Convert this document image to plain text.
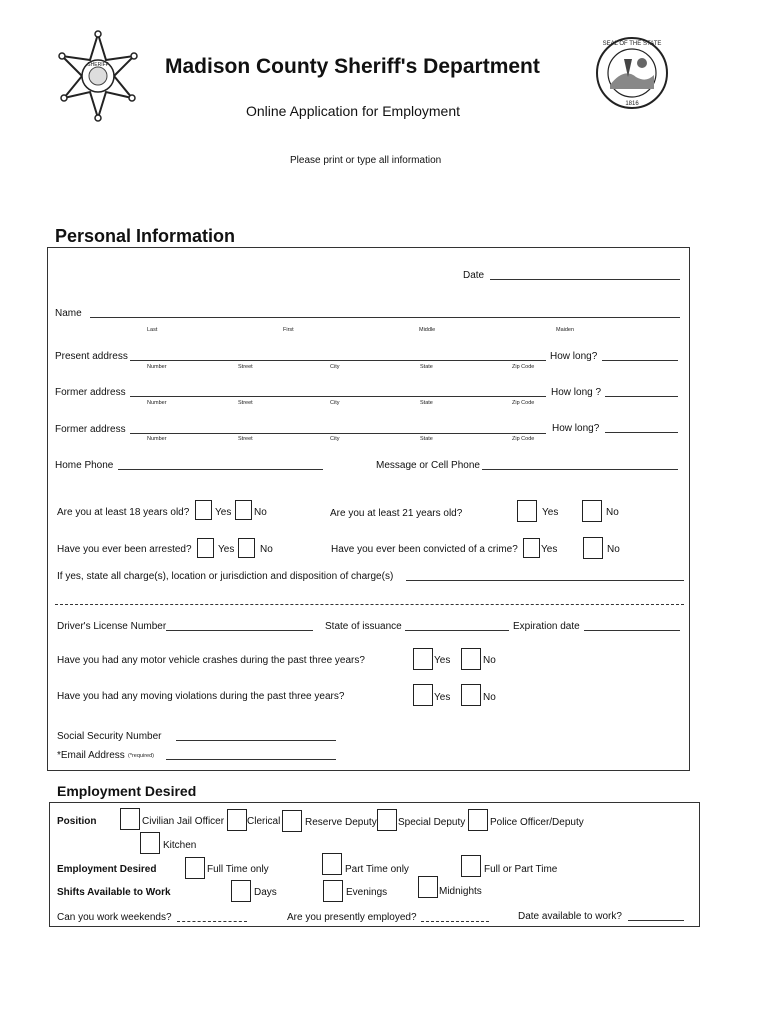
SHERIFF	Madison County Sheriff's Department
Online Application for Employment
Please print or type all information
SEAL OF THE STATE
1816
Personal Information
Date
Name
Last	First	Middle	Maiden
Present address
Number	Street	City	State	Zip Code
How long?
Former address
Number	Street	City	State	Zip Code
How long ?
Former address
Number	Street	City	State	Zip Code
How long?
Home Phone	Message or Cell Phone
Are you at least 18 years old?	Yes No	Are you at least 21 years old?	Yes	No
Have you ever been arrested?	Yes	No	Have you ever been convicted of a crime? Yes	No
If yes, state all charge(s), location or jurisdiction and disposition of charge(s)
Driver's License Number	State of issuance	Expiration date
Have you had any motor vehicle crashes during the past three years?	Yes	No
Have you had any moving violations during the past three years?	Yes	No
Social Security Number
*Email Address (*required)
Employment Desired
Position	Civilian Jail Officer Clerical Reserve Deputy Special Deputy Police Officer/Deputy
Kitchen
Employment Desired	Full Time only	Part Time only	Full or Part Time
Shifts Available to Work	Days	Evenings	Midnights
Can you work weekends?	Are you presently employed?	Date available to work?
